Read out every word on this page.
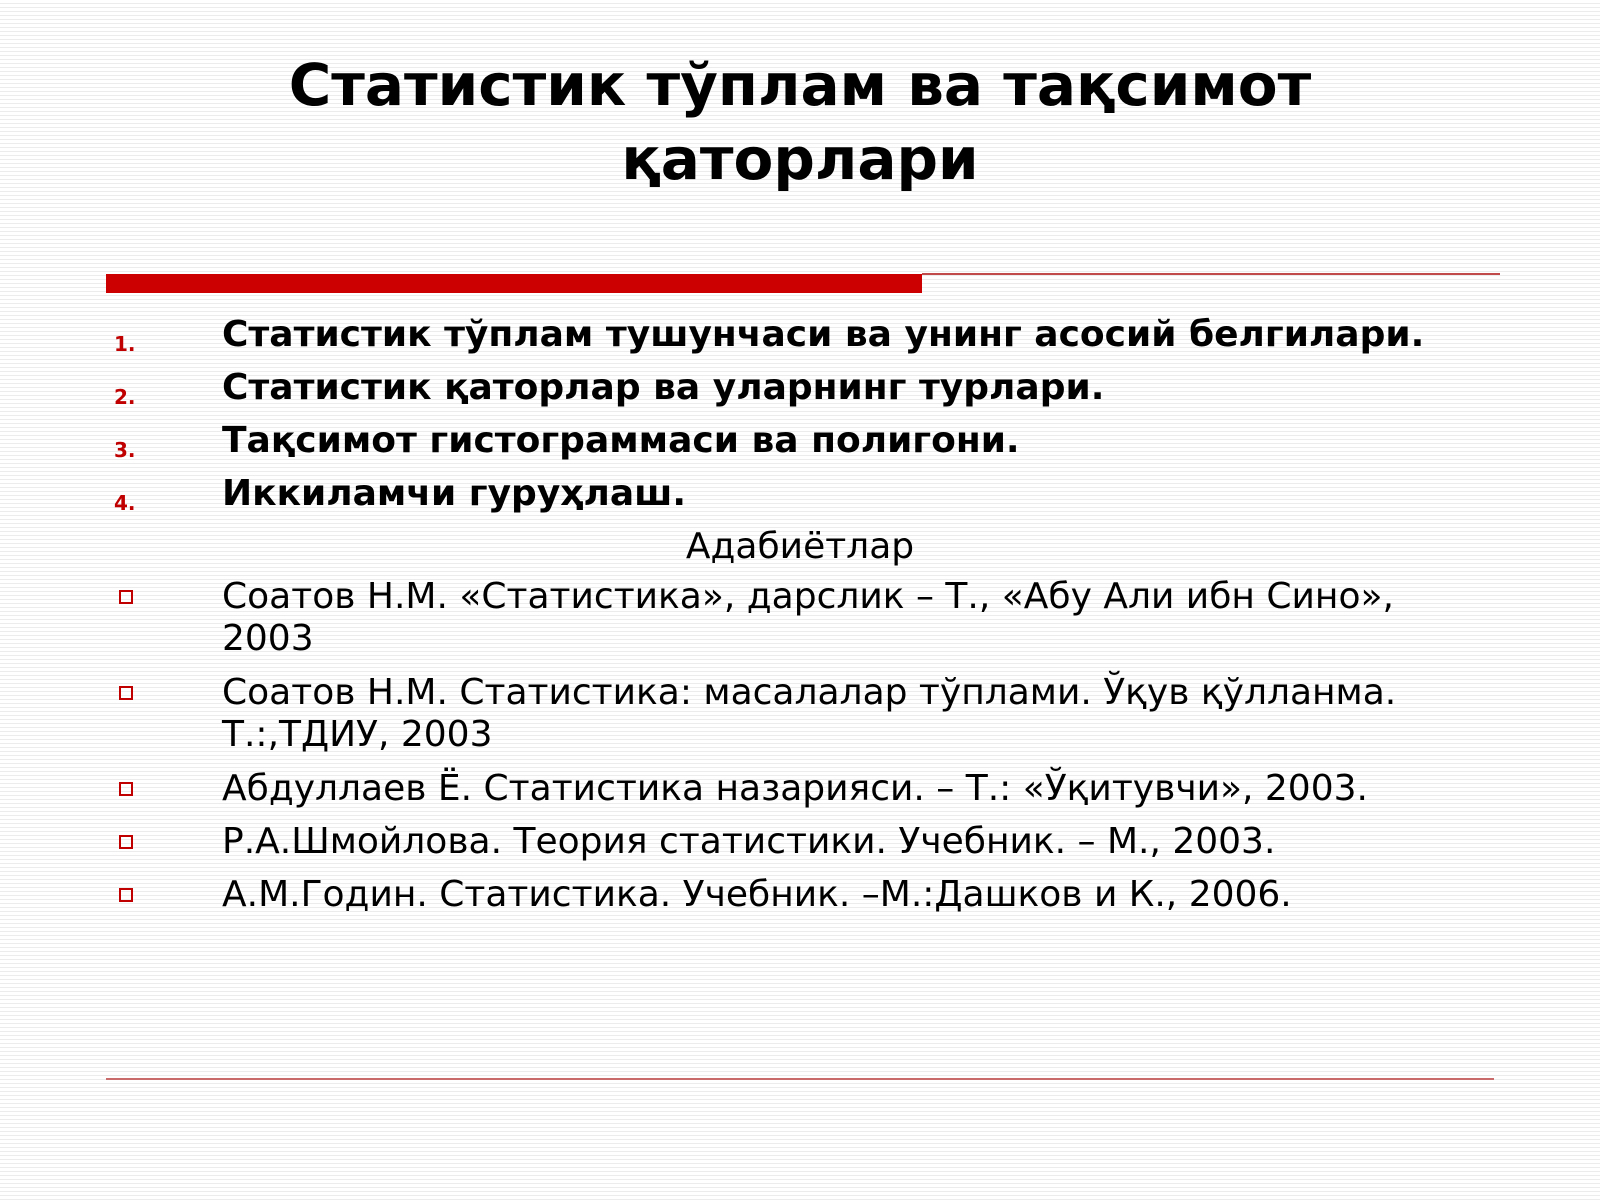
Статистик тўплам ва тақсимот қаторлари
1. Статистик тўплам тушунчаси ва унинг асосий белгилари.
2. Статистик қаторлар ва уларнинг турлари.
3. Тақсимот гистограммаси ва полигони.
4. Иккиламчи гуруҳлаш.
Адабиётлар
Соатов Н.М. «Статистика», дарслик – Т., «Абу Али ибн Сино», 2003
Соатов Н.М. Статистика: масалалар тўплами. Ўқув қўлланма. Т.:,ТДИУ, 2003
Абдуллаев Ё. Статистика назарияси. – Т.: «Ўқитувчи», 2003.
Р.А.Шмойлова. Теория статистики. Учебник. – М., 2003.
А.М.Годин. Статистика. Учебник. –М.:Дашков и К., 2006.
